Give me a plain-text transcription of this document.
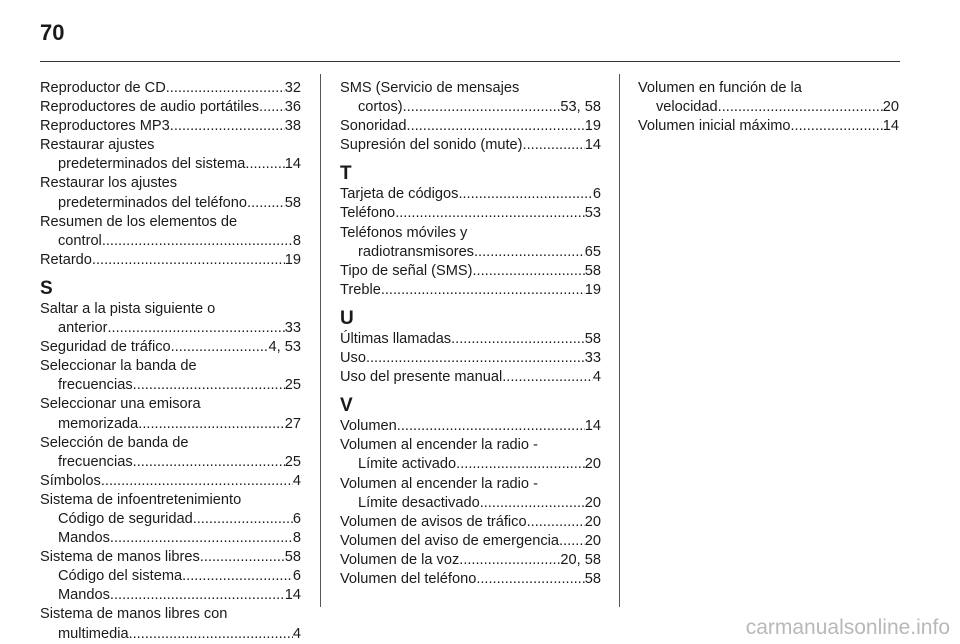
70
Reproductor de CD .....	32
Reproductores de audio portátiles ..... 36
Reproductores MP3 .....	38
Restaurar ajustes
predeterminados del sistema .....	14
Restaurar los ajustes
predeterminados del teléfono .....	58
Resumen de los elementos de
control .....	8
Retardo .....	19
S
Saltar a la pista siguiente o
anterior .....	33
Seguridad de tráfico .....	4, 53
Seleccionar la banda de
frecuencias .....	25
Seleccionar una emisora
memorizada .....	27
Selección de banda de
frecuencias .....	25
Símbolos .....	4
Sistema de infoentretenimiento
Código de seguridad .....	6
Mandos .....	8
Sistema de manos libres .....	58
Código del sistema .....	6
Mandos .....	14
Sistema de manos libres con
multimedia .....	4
SMS (Servicio de mensajes
cortos) .....	53, 58
Sonoridad .....	19
Supresión del sonido (mute) .....	14
T
Tarjeta de códigos .....	6
Teléfono .....	53
Teléfonos móviles y
radiotransmisores .....	65
Tipo de señal (SMS) .....	58
Treble .....	19
U
Últimas llamadas .....	58
Uso .....	33
Uso del presente manual .....	4
V
Volumen .....	14
Volumen al encender la radio -
Límite activado .....	20
Volumen al encender la radio -
Límite desactivado .....	20
Volumen de avisos de tráfico .....	20
Volumen del aviso de emergencia ..... 20
Volumen de la voz .....	20, 58
Volumen del teléfono .....	58
Volumen en función de la
velocidad .....	20
Volumen inicial máximo .....	14
carmanualsonline.info
